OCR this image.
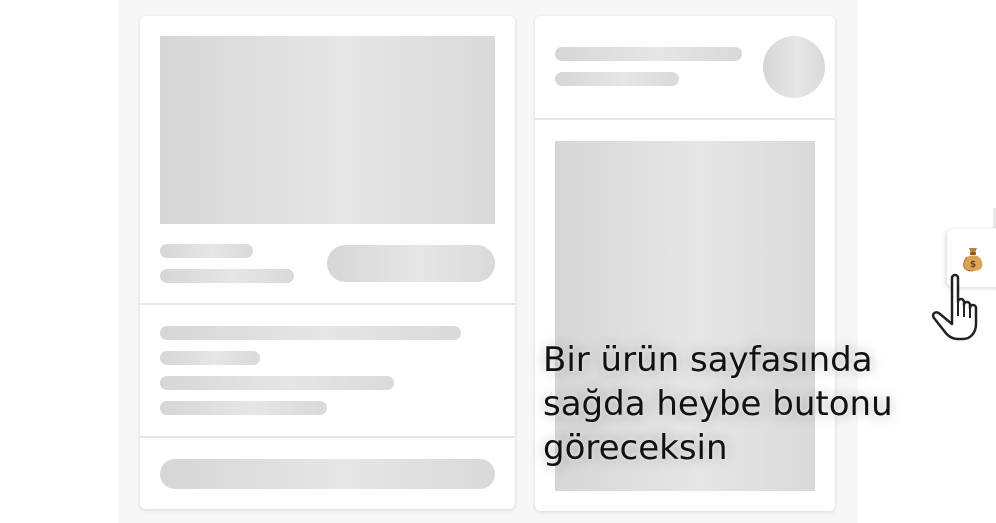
Bir ürün sayfasında
sağda heybe butonu
göreceksin

$
